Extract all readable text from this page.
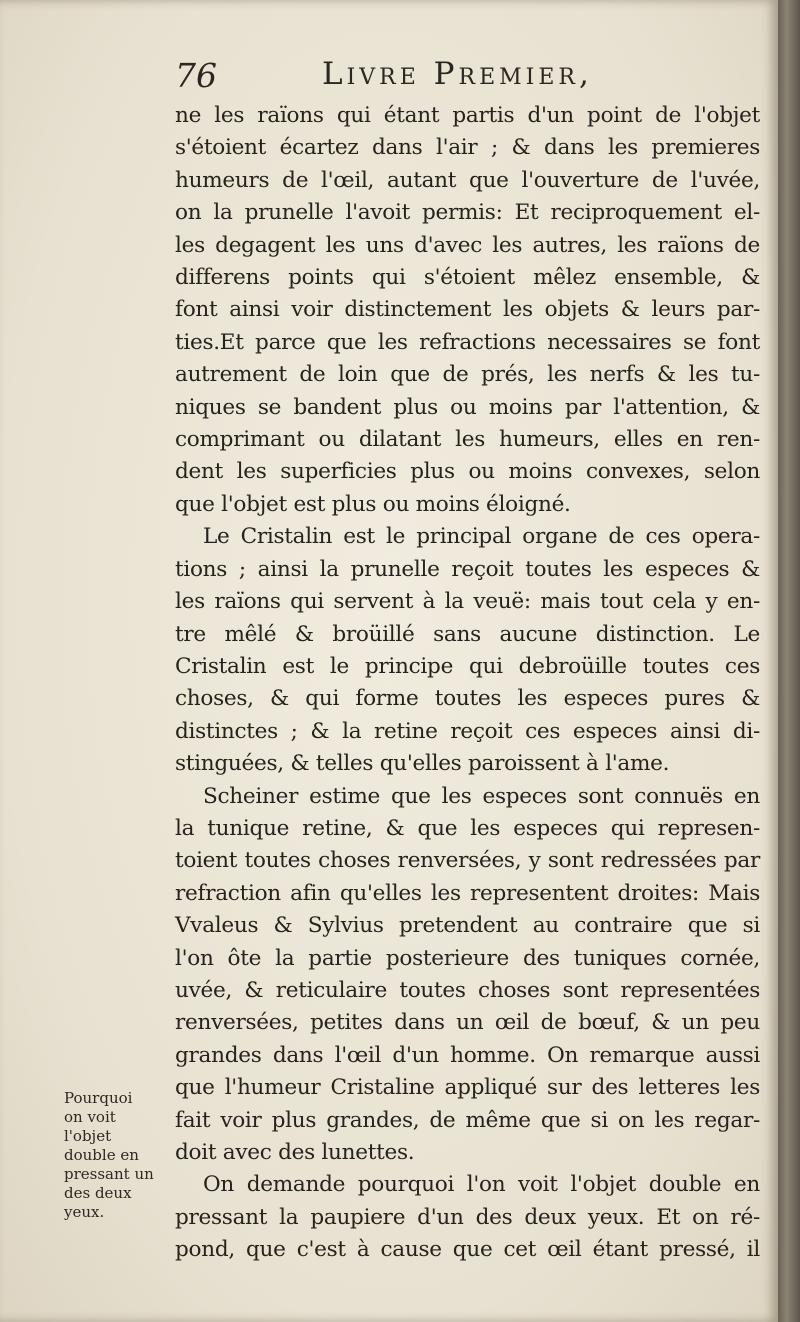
76	Livre Premier,
ne les raïons qui étant partis d'un point de l'objet
s'étoient écartez dans l'air ; & dans les premieres
humeurs de l'œil, autant que l'ouverture de l'uvée,
on la prunelle l'avoit permis: Et reciproquement el-
les degagent les uns d'avec les autres, les raïons de
differens points qui s'étoient mêlez ensemble, &
font ainsi voir distinctement les objets & leurs par-
ties.Et parce que les refractions necessaires se font
autrement de loin que de prés, les nerfs & les tu-
niques se bandent plus ou moins par l'attention, &
comprimant ou dilatant les humeurs, elles en ren-
dent les superficies plus ou moins convexes, selon
que l'objet est plus ou moins éloigné.
Le Cristalin est le principal organe de ces opera-
tions ; ainsi la prunelle reçoit toutes les especes &
les raïons qui servent à la veuë: mais tout cela y en-
tre mêlé & broüillé sans aucune distinction. Le
Cristalin est le principe qui debroüille toutes ces
choses, & qui forme toutes les especes pures &
distinctes ; & la retine reçoit ces especes ainsi di-
stinguées, & telles qu'elles paroissent à l'ame.
Scheiner estime que les especes sont connuës en
la tunique retine, & que les especes qui represen-
toient toutes choses renversées, y sont redressées par
refraction afin qu'elles les representent droites: Mais
Vvaleus & Sylvius pretendent au contraire que si
l'on ôte la partie posterieure des tuniques cornée,
uvée, & reticulaire toutes choses sont representées
renversées, petites dans un œil de bœuf, & un peu
grandes dans l'œil d'un homme. On remarque aussi
que l'humeur Cristaline appliqué sur des letteres les
fait voir plus grandes, de même que si on les regar-
doit avec des lunettes.
On demande pourquoi l'on voit l'objet double en
pressant la paupiere d'un des deux yeux. Et on ré-
pond, que c'est à cause que cet œil étant pressé, il
Pourquoi
on voit
l'objet
double en
pressant un
des deux
yeux.
